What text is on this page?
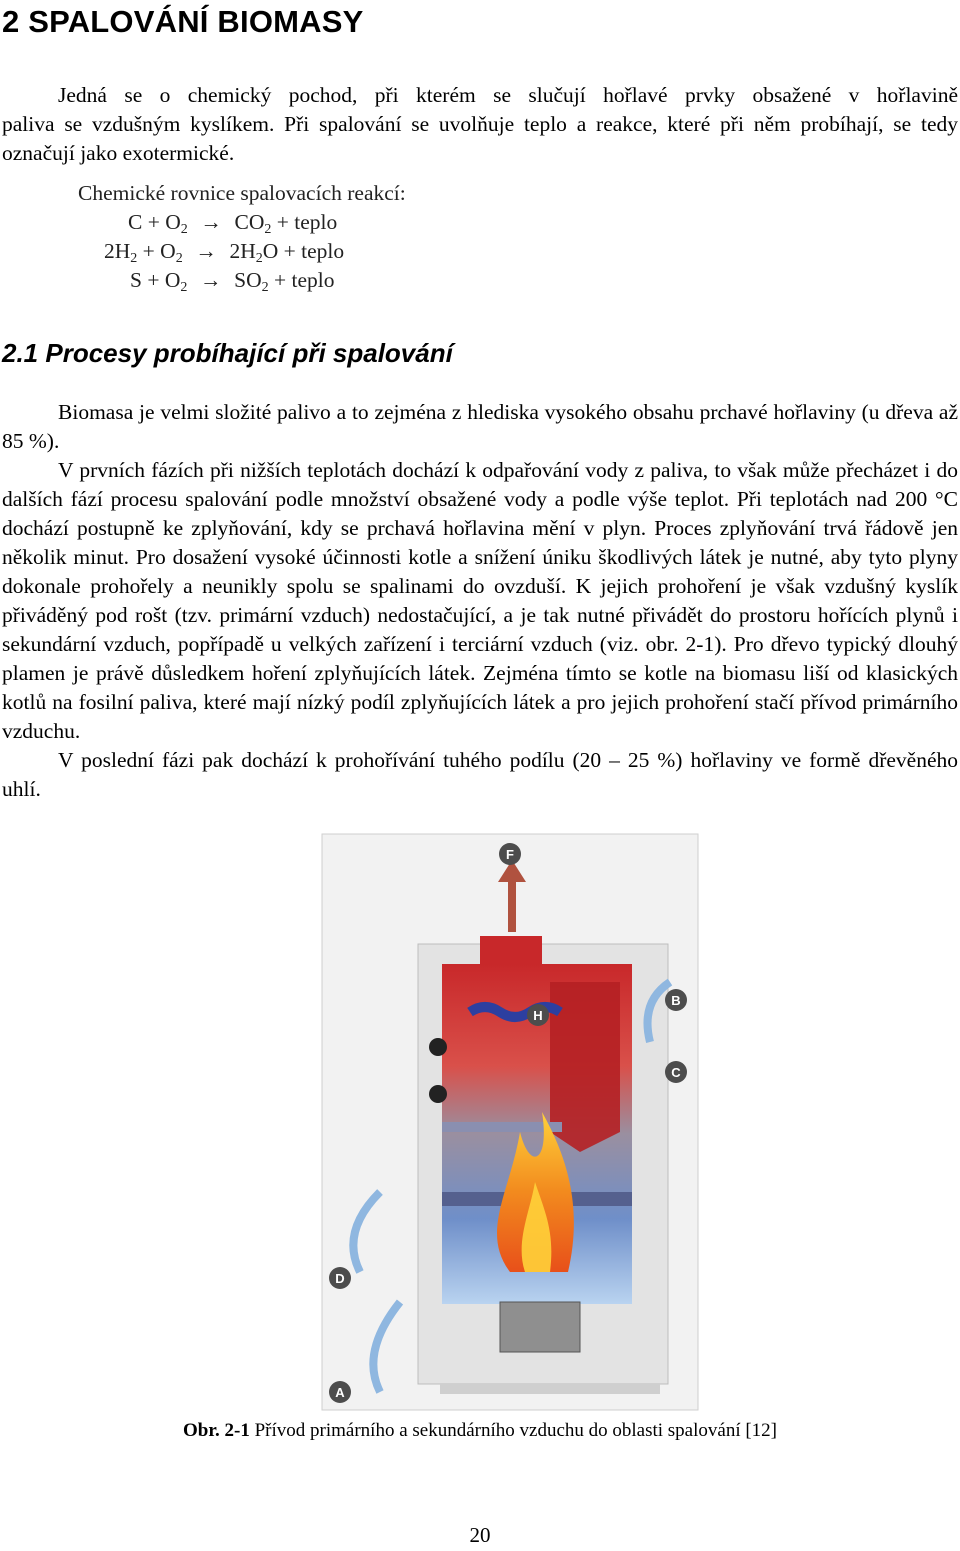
2 SPALOVÁNÍ BIOMASY
Jedná se o chemický pochod, při kterém se slučují hořlavé prvky obsažené v hořlavině
paliva se vzdušným kyslíkem. Při spalování se uvolňuje teplo a reakce, které při něm probíhají, se tedy označují jako exotermické.
Chemické rovnice spalovacích reakcí:
$C + O_2 \to CO_2$ + teplo
$2H_2 + O_2 \to 2H_2O$ + teplo
$S + O_2 \to SO_2$ + teplo
2.1 Procesy probíhající při spalování
Biomasa je velmi složité palivo a to zejména z hlediska vysokého obsahu prchavé hořlaviny (u dřeva až 85 %).
V prvních fázích při nižších teplotách dochází k odpařování vody z paliva, to však může přecházet i do dalších fází procesu spalování podle množství obsažené vody a podle výše teplot. Při teplotách nad 200 °C dochází postupně ke zplyňování, kdy se prchavá hořlavina mění v plyn. Proces zplyňování trvá řádově jen několik minut. Pro dosažení vysoké účinnosti kotle a snížení úniku škodlivých látek je nutné, aby tyto plyny dokonale prohořely a neunikly spolu se spalinami do ovzduší. K jejich prohoření je však vzdušný kyslík přiváděný pod rošt (tzv. primární vzduch) nedostačující, a je tak nutné přivádět do prostoru hořících plynů i sekundární vzduch, popřípadě u velkých zařízení i terciární vzduch (viz. obr. 2-1). Pro dřevo typický dlouhý plamen je právě důsledkem hoření zplyňujících látek. Zejména tímto se kotle na biomasu liší od klasických kotlů na fosilní paliva, které mají nízký podíl zplyňujících látek a pro jejich prohoření stačí přívod primárního vzduchu.
V poslední fázi pak dochází k prohořívání tuhého podílu (20 – 25 %) hořlaviny ve formě dřevěného uhlí.
F
B
H
C
D
A
Obr. 2-1 Přívod primárního a sekundárního vzduchu do oblasti spalování [12]
20
